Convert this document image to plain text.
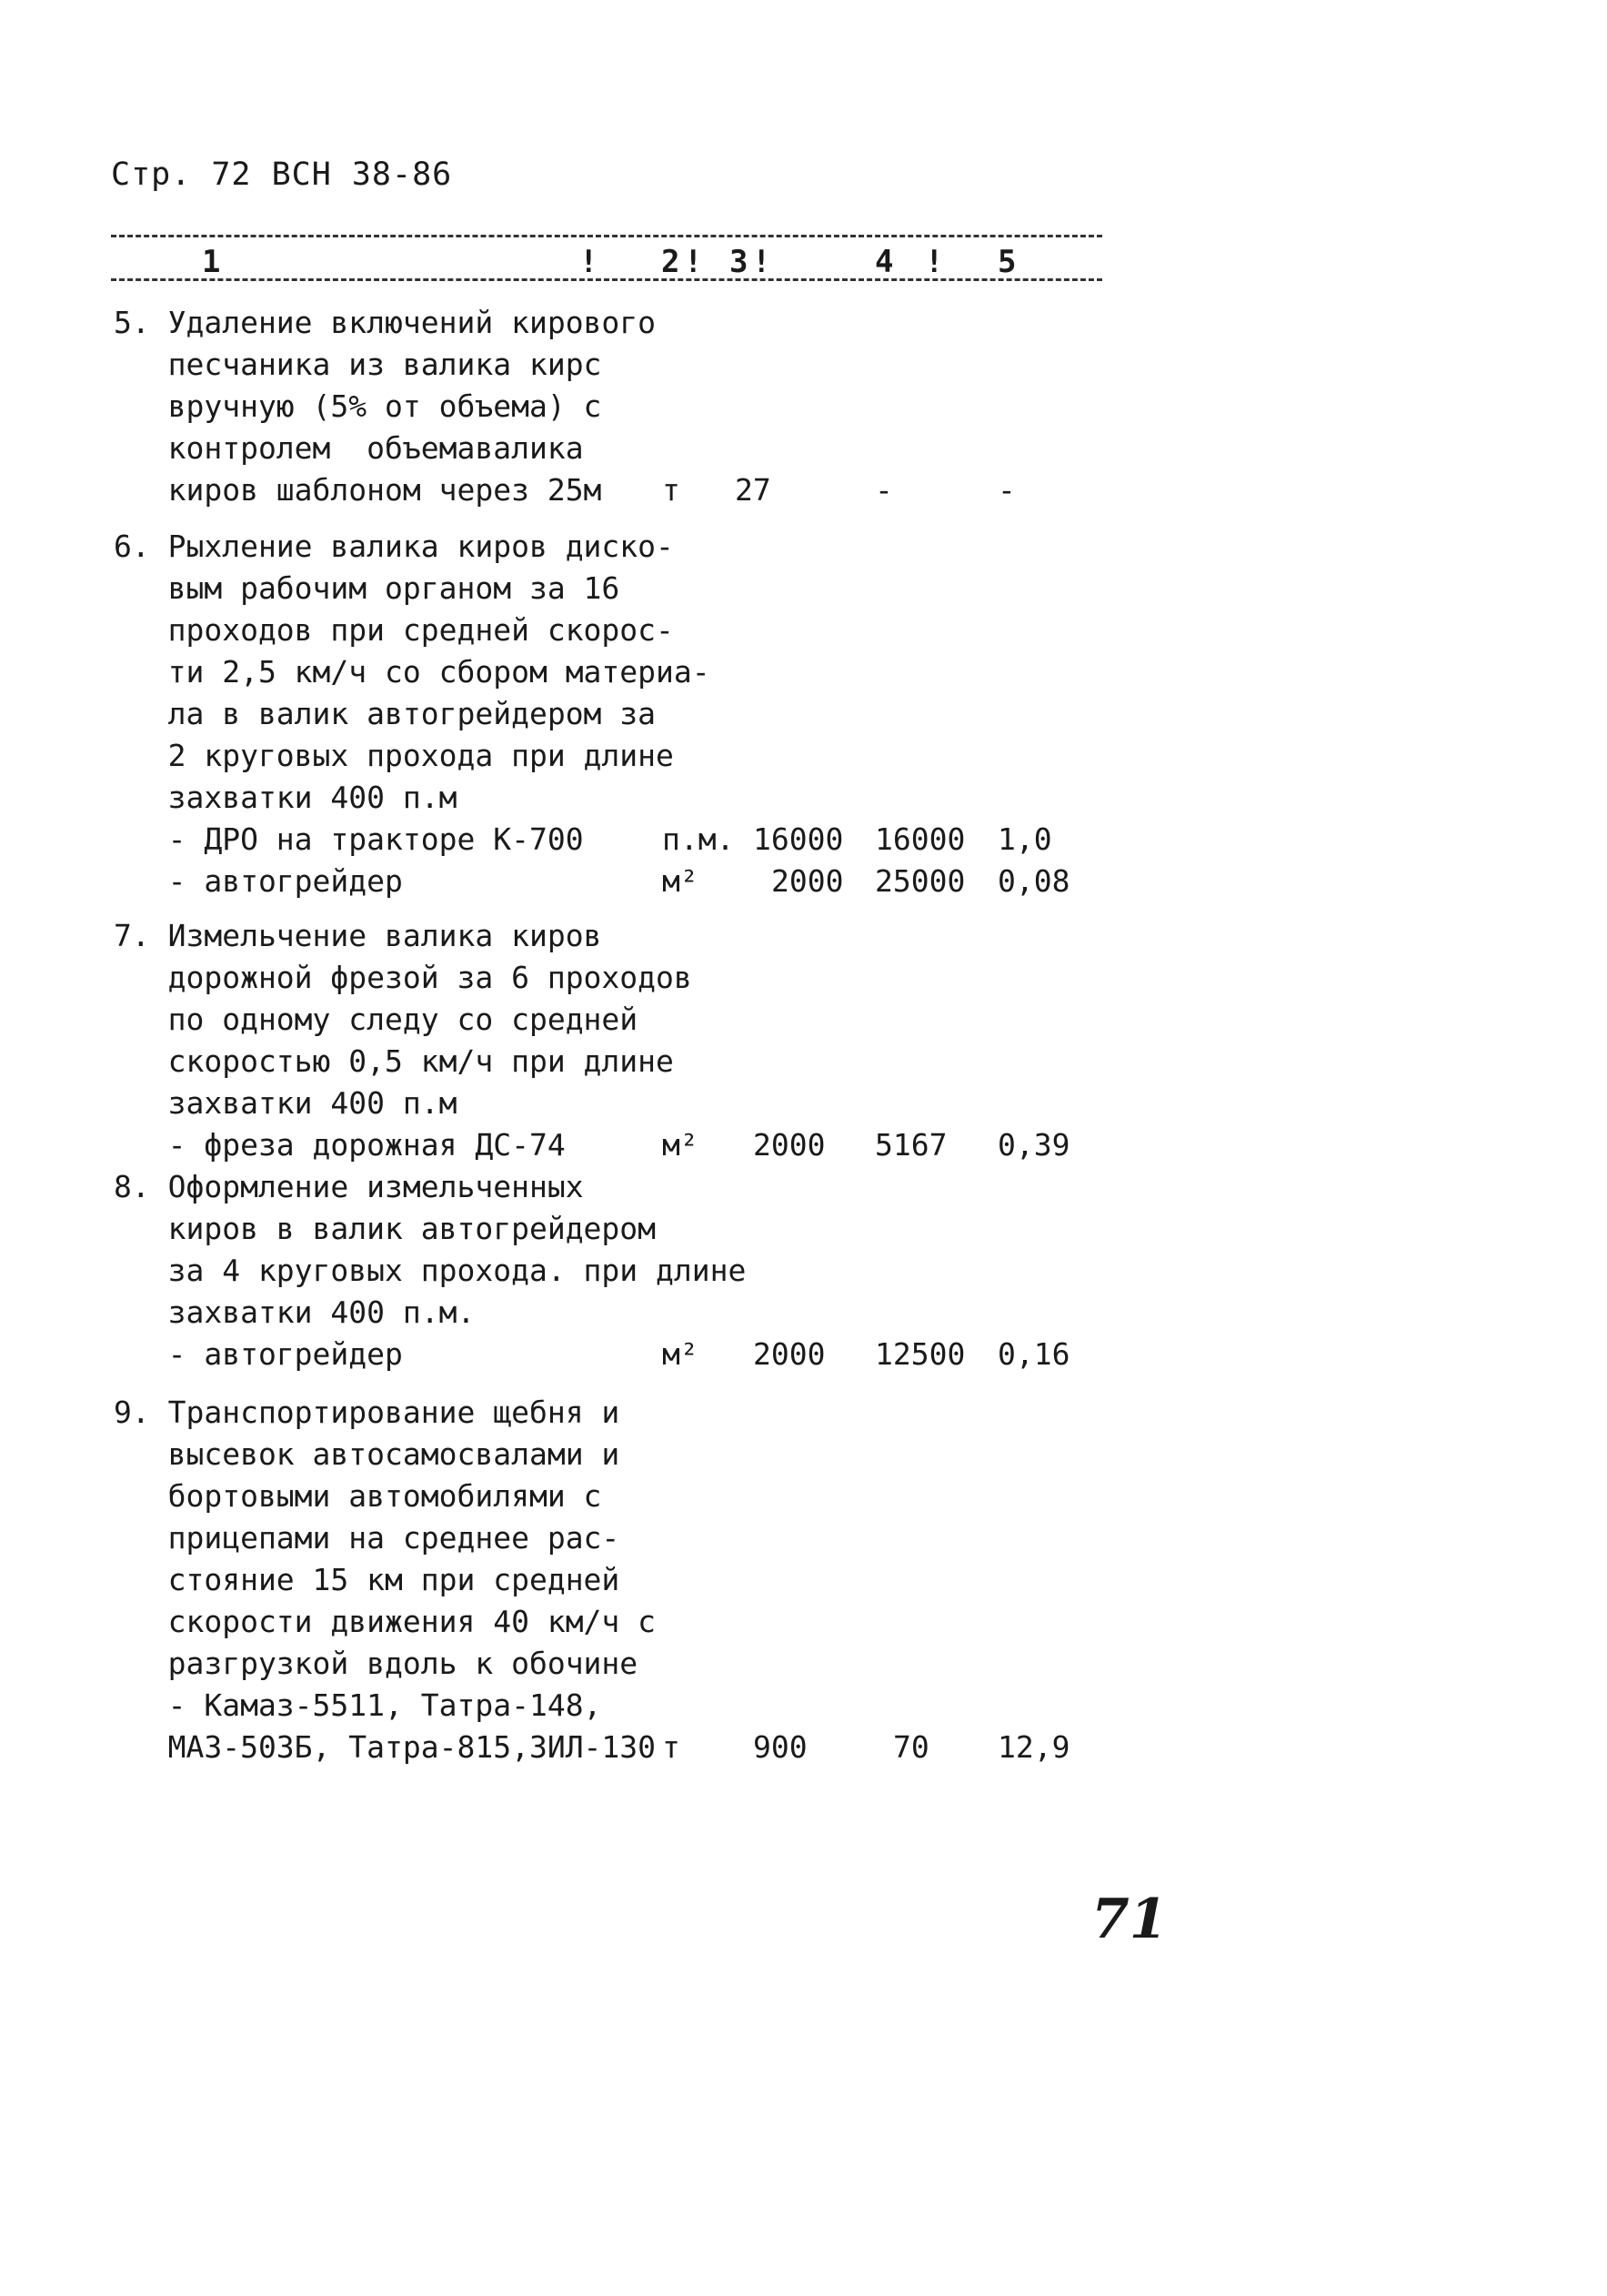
Стр. 72 ВСН 38-86
1	! 2 ! 3 !	4 ! 5
5. Удаление включений кирового
песчаника из валика кирс
вручную (5% от объема) с
контролем  объемавалика
киров шаблоном через 25м т 27	-	-
6. Рыхление валика киров диско-
вым рабочим органом за 16
проходов при средней скорос-
ти 2,5 км/ч со сбором материа-
ла в валик автогрейдером за
2 круговых прохода при длине
захватки 400 п.м
- ДРО на тракторе К-700	п.м. 16000 16000 1,0
- автогрейдер	м² 2000 25000 0,08
7. Измельчение валика киров
дорожной фрезой за 6 проходов
по одному следу со средней
скоростью 0,5 км/ч при длине
захватки 400 п.м
- фреза дорожная ДС-74	м² 2000 5167 0,39
8. Оформление измельченных
киров в валик автогрейдером
за 4 круговых прохода. при длине
захватки 400 п.м.
- автогрейдер	м² 2000 12500 0,16
9. Транспортирование щебня и
высевок автосамосвалами и
бортовыми автомобилями с
прицепами на среднее рас-
стояние 15 км при средней
скорости движения 40 км/ч с
разгрузкой вдоль к обочине
- Камаз-5511, Татра-148,
МАЗ-503Б, Татра-815,ЗИЛ-130 т 900	70 12,9
71
